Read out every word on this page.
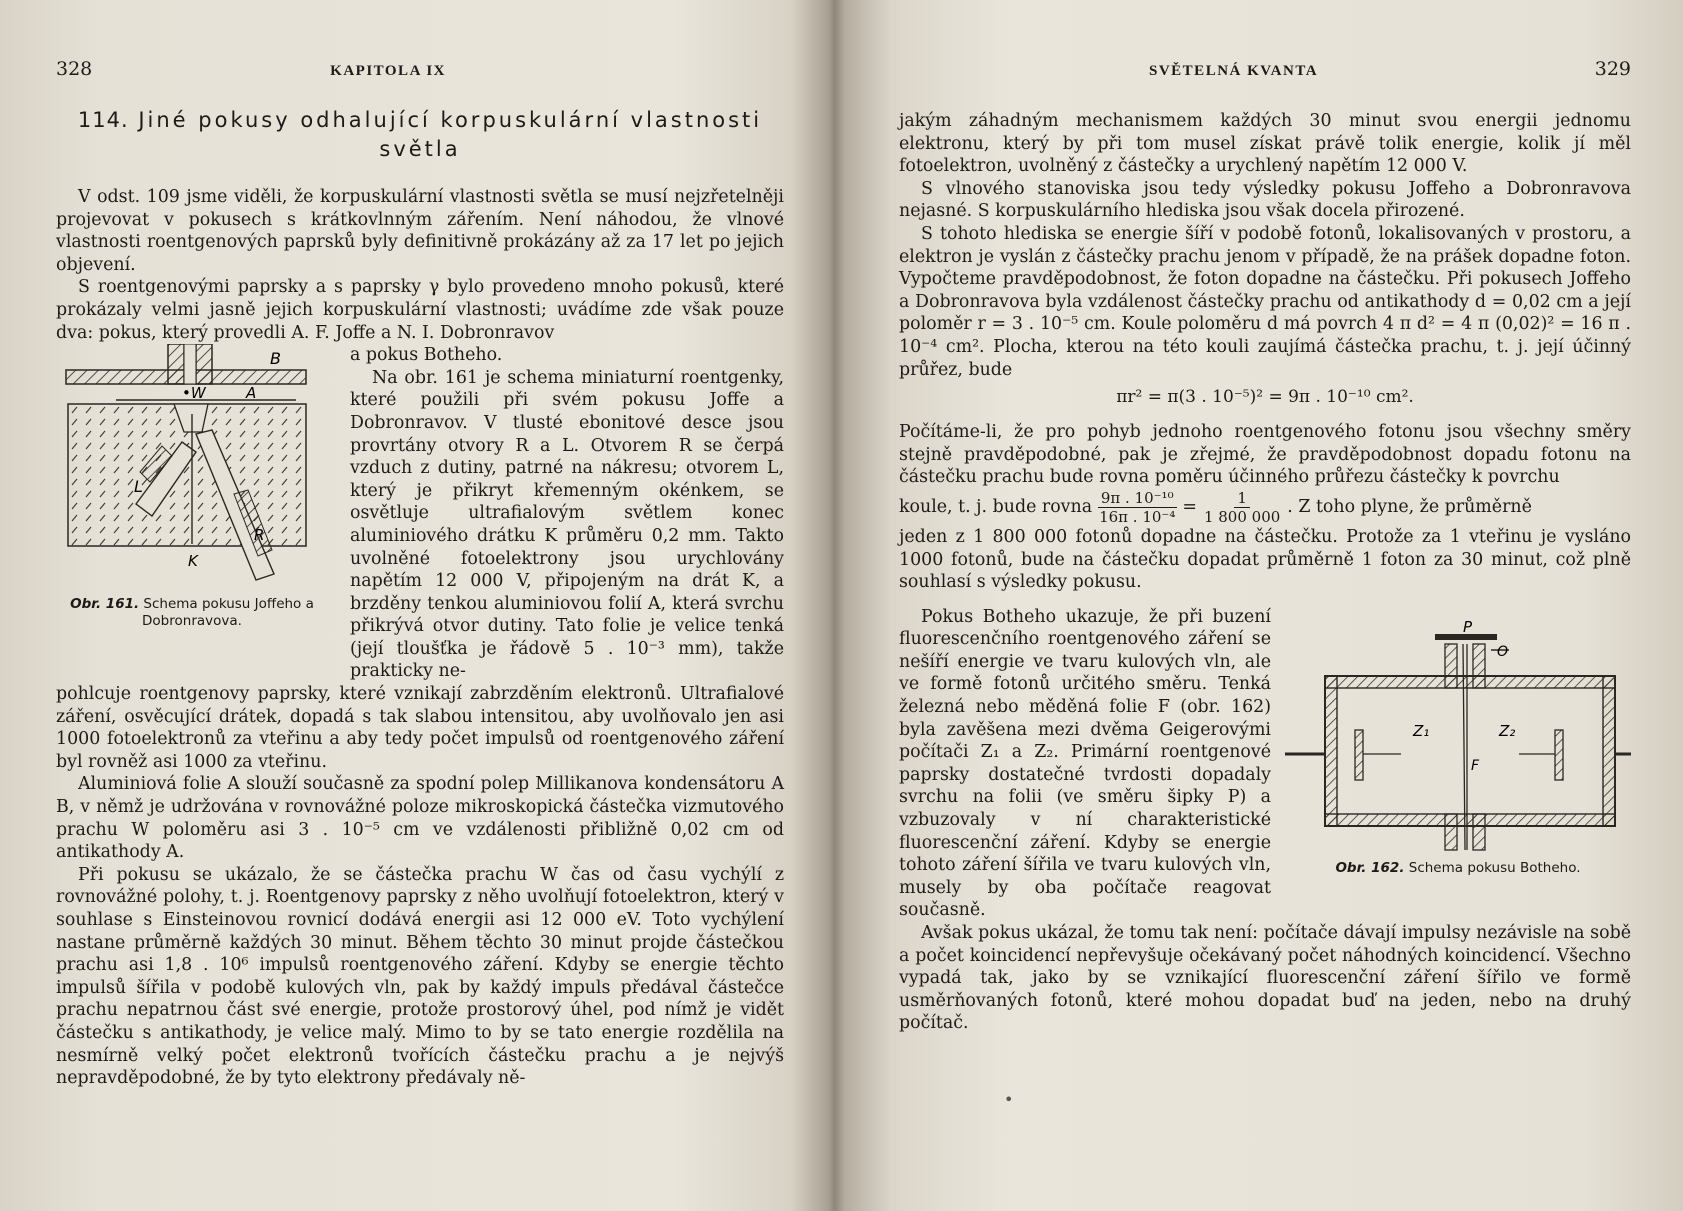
328	KAPITOLA IX
114. Jiné pokusy odhalující korpuskulární vlastnosti světla

V odst. 109 jsme viděli, že korpuskulární vlastnosti světla se musí nejzřetelněji projevovat v pokusech s krátkovlnným zářením. Není náhodou, že vlnové vlastnosti roentgenových paprsků byly definitivně prokázány až za 17 let po jejich objevení.

S roentgenovými paprsky a s paprsky γ bylo provedeno mnoho pokusů, které prokázaly velmi jasně jejich korpuskulární vlastnosti; uvádíme zde však pouze dva: pokus, který provedli A. F. Joffe a N. I. Dobronravov

B
•W	A
L
K
R
Obr. 161. Schema pokusu Joffeho a Dobronravova.

a pokus Botheho.

Na obr. 161 je schema miniaturní roentgenky, které použili při svém pokusu Joffe a Dobronravov. V tlusté ebonitové desce jsou provrtány otvory R a L. Otvorem R se čerpá vzduch z dutiny, patrné na nákresu; otvorem L, který je přikryt křemenným okénkem, se osvětluje ultrafialovým světlem konec aluminiového drátku K průměru 0,2 mm. Takto uvolněné fotoelektrony jsou urychlovány napětím 12 000 V, připojeným na drát K, a brzděny tenkou aluminiovou folií A, která svrchu přikrývá otvor dutiny. Tato folie je velice tenká (její tloušťka je řádově 5 . 10⁻³ mm), takže prakticky ne-

pohlcuje roentgenovy paprsky, které vznikají zabrzděním elektronů. Ultrafialové záření, osvěcující drátek, dopadá s tak slabou intensitou, aby uvolňovalo jen asi 1000 fotoelektronů za vteřinu a aby tedy počet impulsů od roentgenového záření byl rovněž asi 1000 za vteřinu.

Aluminiová folie A slouží současně za spodní polep Millikanova kondensátoru A B, v němž je udržována v rovnovážné poloze mikroskopická částečka vizmutového prachu W poloměru asi 3 . 10⁻⁵ cm ve vzdálenosti přibližně 0,02 cm od antikathody A.

Při pokusu se ukázalo, že se částečka prachu W čas od času vychýlí z rovnovážné polohy, t. j. Roentgenovy paprsky z něho uvolňují fotoelektron, který v souhlase s Einsteinovou rovnicí dodává energii asi 12 000 eV. Toto vychýlení nastane průměrně každých 30 minut. Během těchto 30 minut projde částečkou prachu asi 1,8 . 10⁶ impulsů roentgenového záření. Kdyby se energie těchto impulsů šířila v podobě kulových vln, pak by každý impuls předával částečce prachu nepatrnou část své energie, protože prostorový úhel, pod nímž je vidět částečku s antikathody, je velice malý. Mimo to by se tato energie rozdělila na nesmírně velký počet elektronů tvořících částečku prachu a je nejvýš nepravděpodobné, že by tyto elektrony předávaly ně-

SVĚTELNÁ KVANTA	329

jakým záhadným mechanismem každých 30 minut svou energii jednomu elektronu, který by při tom musel získat právě tolik energie, kolik jí měl fotoelektron, uvolněný z částečky a urychlený napětím 12 000 V.

S vlnového stanoviska jsou tedy výsledky pokusu Joffeho a Dobronravova nejasné. S korpuskulárního hlediska jsou však docela přirozené.

S tohoto hlediska se energie šíří v podobě fotonů, lokalisovaných v prostoru, a elektron je vyslán z částečky prachu jenom v případě, že na prášek dopadne foton. Vypočteme pravděpodobnost, že foton dopadne na částečku. Při pokusech Joffeho a Dobronravova byla vzdálenost částečky prachu od antikathody d = 0,02 cm a její poloměr r = 3 . 10⁻⁵ cm. Koule poloměru d má povrch 4 π d² = 4 π (0,02)² = 16 π . 10⁻⁴ cm². Plocha, kterou na této kouli zaujímá částečka prachu, t. j. její účinný průřez, bude

πr² = π(3 . 10⁻⁵)² = 9π . 10⁻¹⁰ cm².

Počítáme-li, že pro pohyb jednoho roentgenového fotonu jsou všechny směry stejně pravděpodobné, pak je zřejmé, že pravděpodobnost dopadu fotonu na částečku prachu bude rovna poměru účinného průřezu částečky k povrchu

koule, t. j. bude rovna $\frac{\text{9π . 10⁻¹⁰}}{\text{16π . 10⁻⁴}} = \frac{1}{1 800 000}$ . Z toho plyne, že průměrně

jeden z 1 800 000 fotonů dopadne na částečku. Protože za 1 vteřinu je vysláno 1000 fotonů, bude na částečku dopadat průměrně 1 foton za 30 minut, což plně souhlasí s výsledky pokusu.

Pokus Botheho ukazuje, že při buzení fluorescenčního roentgenového záření se nešíří energie ve tvaru kulových vln, ale ve formě fotonů určitého směru. Tenká železná nebo měděná folie F (obr. 162) byla zavěšena mezi dvěma Geigerovými počítači Z₁ a Z₂. Primární roentgenové paprsky dostatečné tvrdosti dopadaly svrchu na folii (ve směru šipky P) a vzbuzovaly v ní charakteristické fluorescenční záření. Kdyby se energie tohoto záření šířila ve tvaru kulových vln, musely by oba počítače reagovat současně.

P
O
Z₁	Z₂
F
Obr. 162. Schema pokusu Botheho.

Avšak pokus ukázal, že tomu tak není: počítače dávají impulsy nezávisle na sobě a počet koincidencí nepřevyšuje očekávaný počet náhodných koincidencí. Všechno vypadá tak, jako by se vznikající fluorescenční záření šířilo ve formě usměrňovaných fotonů, které mohou dopadat buď na jeden, nebo na druhý počítač.

•
